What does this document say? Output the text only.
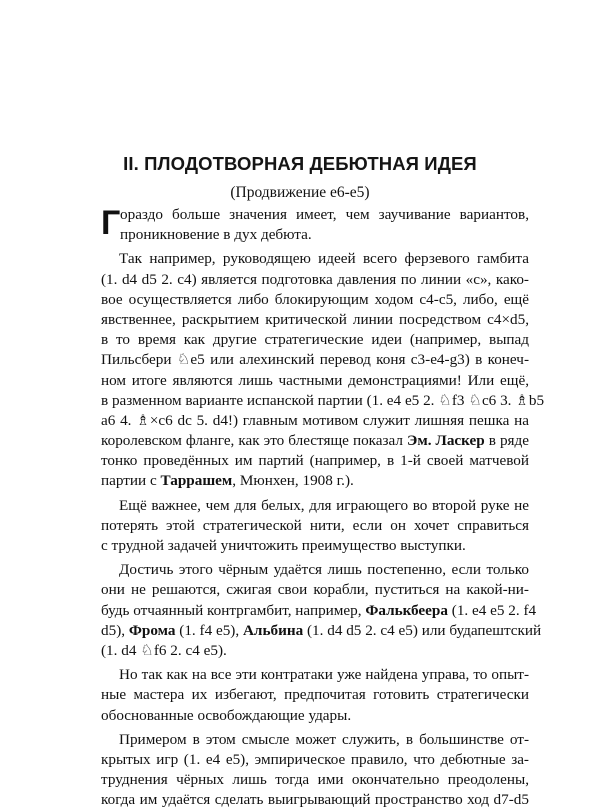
II. ПЛОДОТВОРНАЯ ДЕБЮТНАЯ ИДЕЯ
(Продвижение е6-е5)
Г ораздо больше значения имеет, чем заучивание вариантов,
проникновение в дух дебюта.
Так например, руководящею идеей всего ферзевого гамбита
(1. d4 d5 2. с4) является подготовка давления по линии «с», како-
вое осуществляется либо блокирующим ходом с4-с5, либо, ещё
явственнее, раскрытием критической линии посредством с4×d5,
в то время как другие стратегические идеи (например, выпад
Пильсбери ♘e5 или алехинский перевод коня с3-е4-g3) в конеч-
ном итоге являются лишь частными демонстрациями! Или ещё,
в разменном варианте испанской партии (1. е4 е5 2. ♘f3 ♘c6 3. ♗b5
а6 4. ♗×с6 dc 5. d4!) главным мотивом служит лишняя пешка на
королевском фланге, как это блестяще показал Эм. Ласкер в ряде
тонко проведённых им партий (например, в 1-й своей матчевой
партии с Таррашем, Мюнхен, 1908 г.).
Ещё важнее, чем для белых, для играющего во второй руке не
потерять этой стратегической нити, если он хочет справиться
с трудной задачей уничтожить преимущество выступки.
Достичь этого чёрным удаётся лишь постепенно, если только
они не решаются, сжигая свои корабли, пуститься на какой-ни-
будь отчаянный контргамбит, например, Фалькбеера (1. е4 е5 2. f4
d5), Фрома (1. f4 е5), Альбина (1. d4 d5 2. с4 е5) или будапештский
(1. d4 ♘f6 2. с4 е5).
Но так как на все эти контратаки уже найдена управа, то опыт-
ные мастера их избегают, предпочитая готовить стратегически
обоснованные освобождающие удары.
Примером в этом смысле может служить, в большинстве от-
крытых игр (1. е4 е5), эмпирическое правило, что дебютные за-
труднения чёрных лишь тогда ими окончательно преодолены,
когда им удаётся сделать выигрывающий пространство ход d7-d5
